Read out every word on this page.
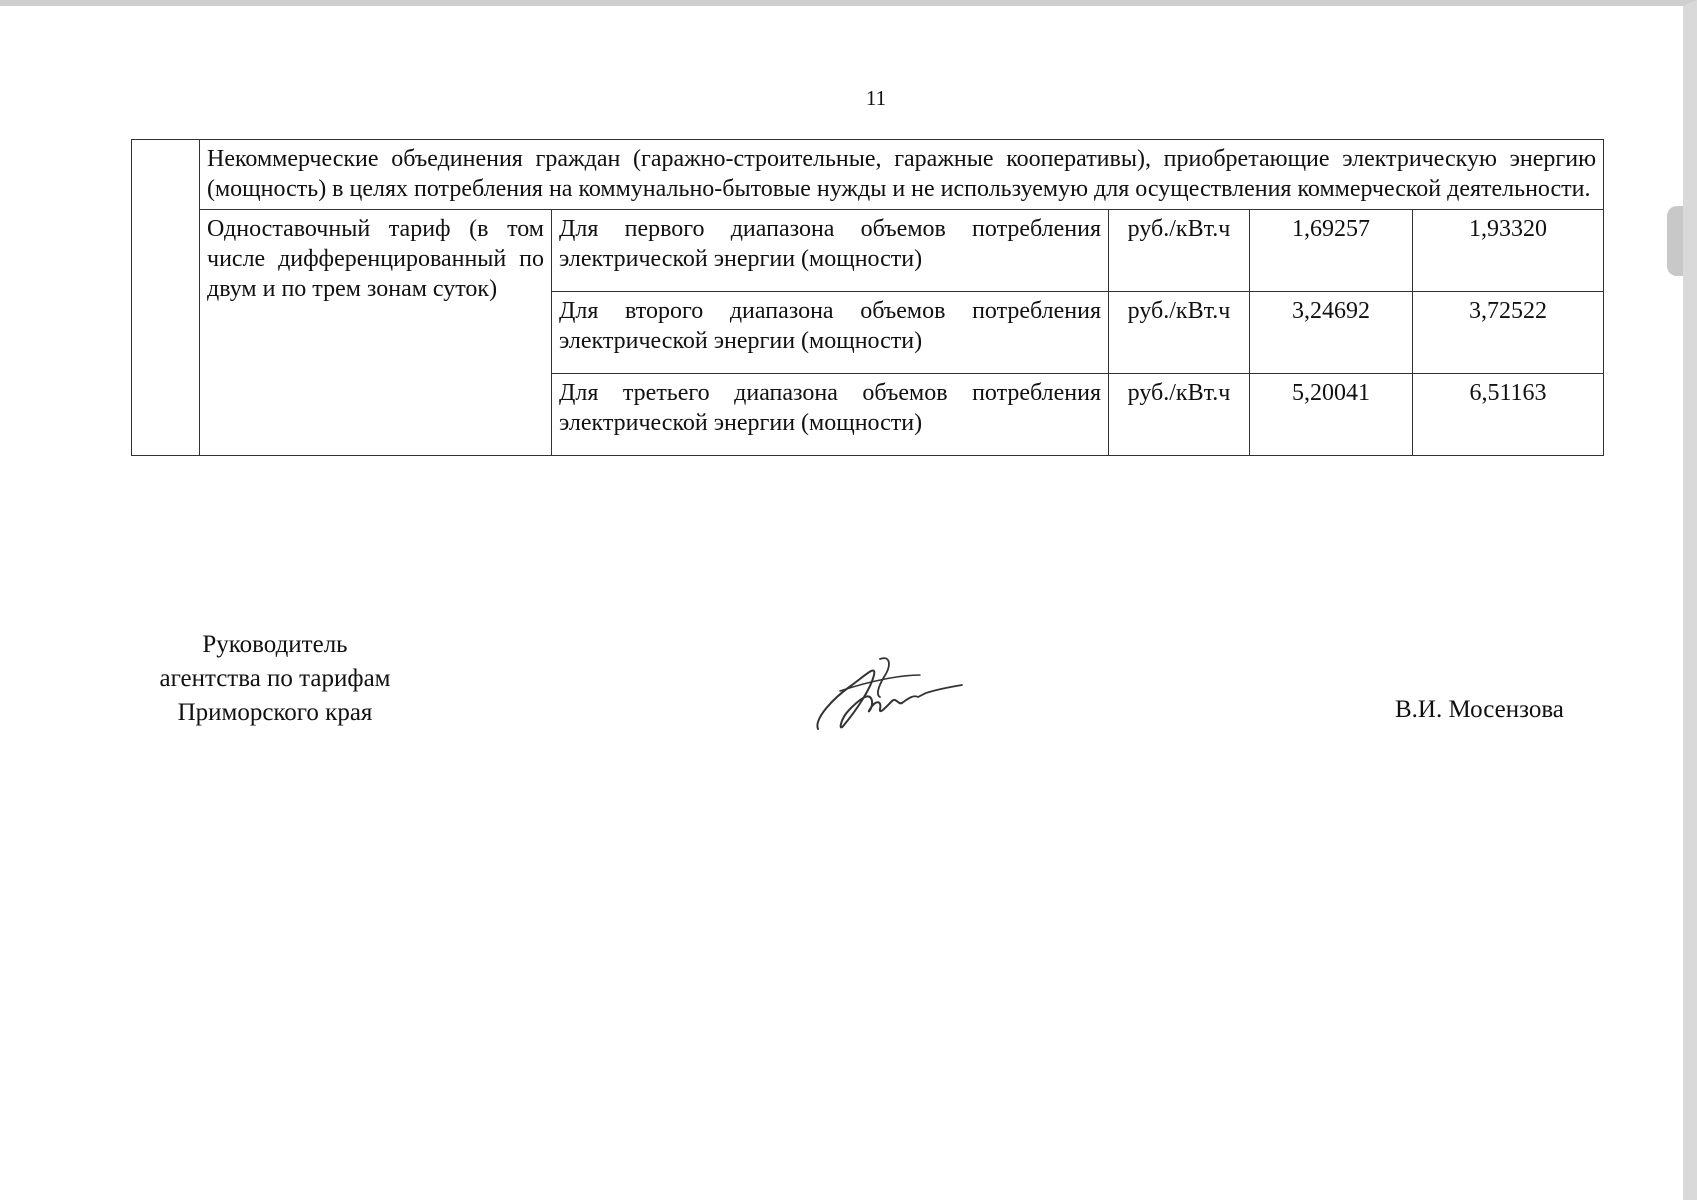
11
	Некоммерческие объединения граждан (гаражно-строительные, гаражные кооперативы), приобретающие электрическую энергию (мощность) в целях потребления на коммунально-бытовые нужды и не используемую для осуществления коммерческой деятельности.				
	Одноставочный тариф (в том числе дифференцированный по двум и по трем зонам суток)	Для первого диапазона объемов потребления электрической энергии (мощности)	руб./кВт.ч	1,69257	1,93320
		Для второго диапазона объемов потребления электрической энергии (мощности)	руб./кВт.ч	3,24692	3,72522
		Для третьего диапазона объемов потребления электрической энергии (мощности)	руб./кВт.ч	5,20041	6,51163
Руководитель
агентства по тарифам
Приморского края	В.И. Мосензова
